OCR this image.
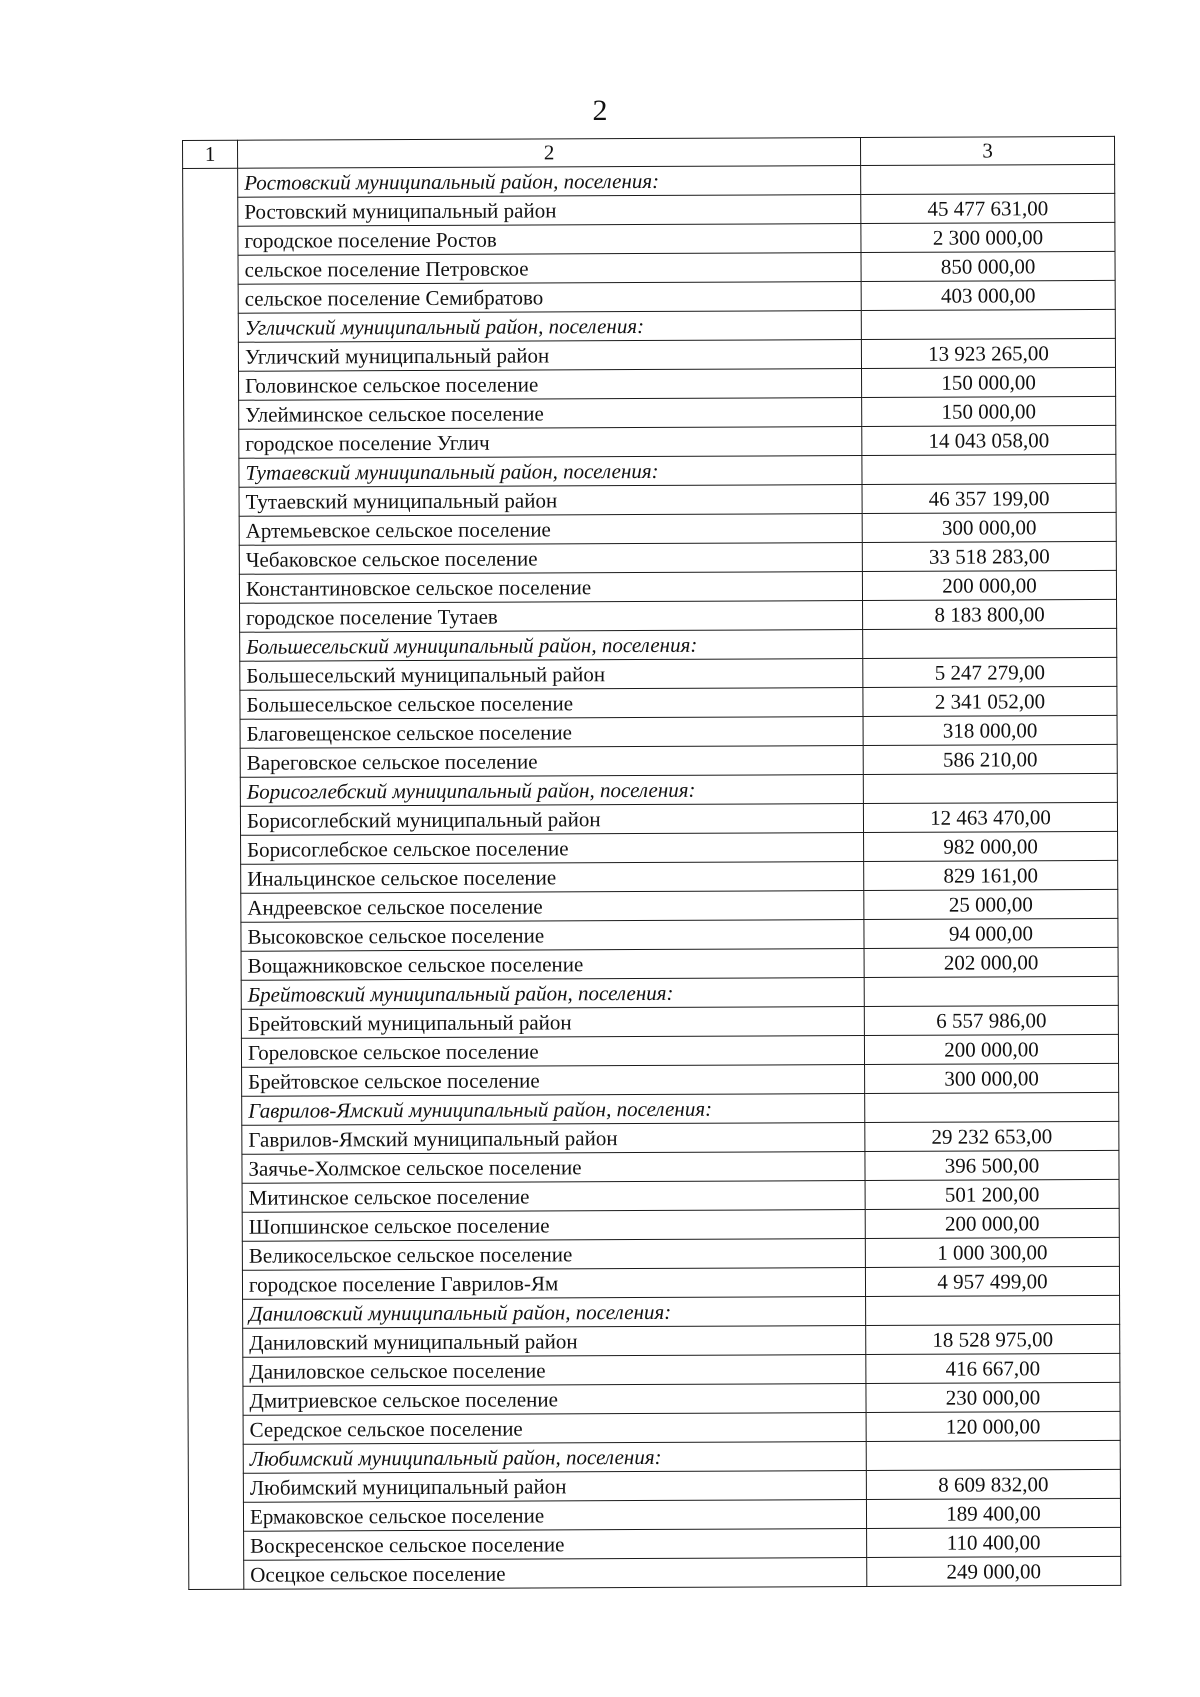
2
1	2	3
	Ростовский муниципальный район, поселения:	
	Ростовский муниципальный район	45 477 631,00
	городское поселение Ростов	2 300 000,00
	сельское поселение Петровское	850 000,00
	сельское поселение Семибратово	403 000,00
	Угличский муниципальный район, поселения:	
	Угличский муниципальный район	13 923 265,00
	Головинское сельское поселение	150 000,00
	Улейминское сельское поселение	150 000,00
	городское поселение Углич	14 043 058,00
	Тутаевский муниципальный район, поселения:	
	Тутаевский муниципальный район	46 357 199,00
	Артемьевское сельское поселение	300 000,00
	Чебаковское сельское поселение	33 518 283,00
	Константиновское сельское поселение	200 000,00
	городское поселение Тутаев	8 183 800,00
	Большесельский муниципальный район, поселения:	
	Большесельский муниципальный район	5 247 279,00
	Большесельское сельское поселение	2 341 052,00
	Благовещенское сельское поселение	318 000,00
	Вареговское сельское поселение	586 210,00
	Борисоглебский муниципальный район, поселения:	
	Борисоглебский муниципальный район	12 463 470,00
	Борисоглебское сельское поселение	982 000,00
	Инальцинское сельское поселение	829 161,00
	Андреевское сельское поселение	25 000,00
	Высоковское сельское поселение	94 000,00
	Вощажниковское сельское поселение	202 000,00
	Брейтовский муниципальный район, поселения:	
	Брейтовский муниципальный район	6 557 986,00
	Гореловское сельское поселение	200 000,00
	Брейтовское сельское поселение	300 000,00
	Гаврилов-Ямский муниципальный район, поселения:	
	Гаврилов-Ямский муниципальный район	29 232 653,00
	Заячье-Холмское сельское поселение	396 500,00
	Митинское сельское поселение	501 200,00
	Шопшинское сельское поселение	200 000,00
	Великосельское сельское поселение	1 000 300,00
	городское поселение Гаврилов-Ям	4 957 499,00
	Даниловский муниципальный район, поселения:	
	Даниловский муниципальный район	18 528 975,00
	Даниловское сельское поселение	416 667,00
	Дмитриевское сельское поселение	230 000,00
	Середское сельское поселение	120 000,00
	Любимский муниципальный район, поселения:	
	Любимский муниципальный район	8 609 832,00
	Ермаковское сельское поселение	189 400,00
	Воскресенское сельское поселение	110 400,00
	Осецкое сельское поселение	249 000,00
